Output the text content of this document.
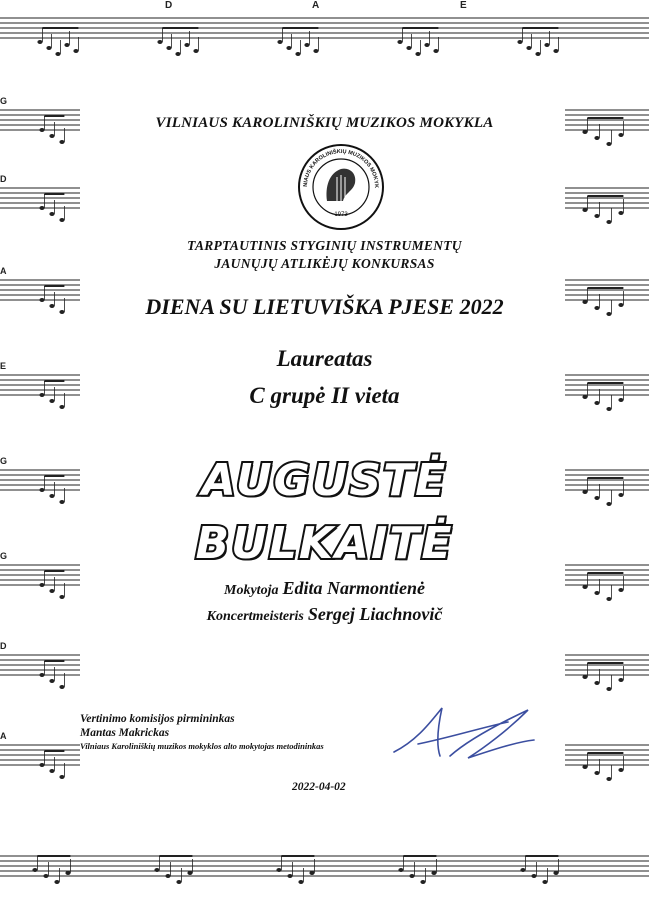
D	A	E
G
D
A
E
G
G
D
A
VILNIAUS KAROLINIŠKIŲ MUZIKOS MOKYKLA
1973
NIAUS KAROLINIŠKIŲ MUZIKOS MOKYK
TARPTAUTINIS STYGINIŲ INSTRUMENTŲ
JAUNŲJŲ ATLIKĖJŲ KONKURSAS
DIENA SU LIETUVIŠKA PJESE 2022
Laureatas
C grupė II vieta
AUGUSTĖ
BULKAITĖ
Mokytoja Edita Narmontienė
Koncertmeisteris Sergej Liachnovič
Vertinimo komisijos pirmininkas
Mantas Makrickas
Vilniaus Karoliniškių muzikos mokyklos alto mokytojas metodininkas
2022-04-02
